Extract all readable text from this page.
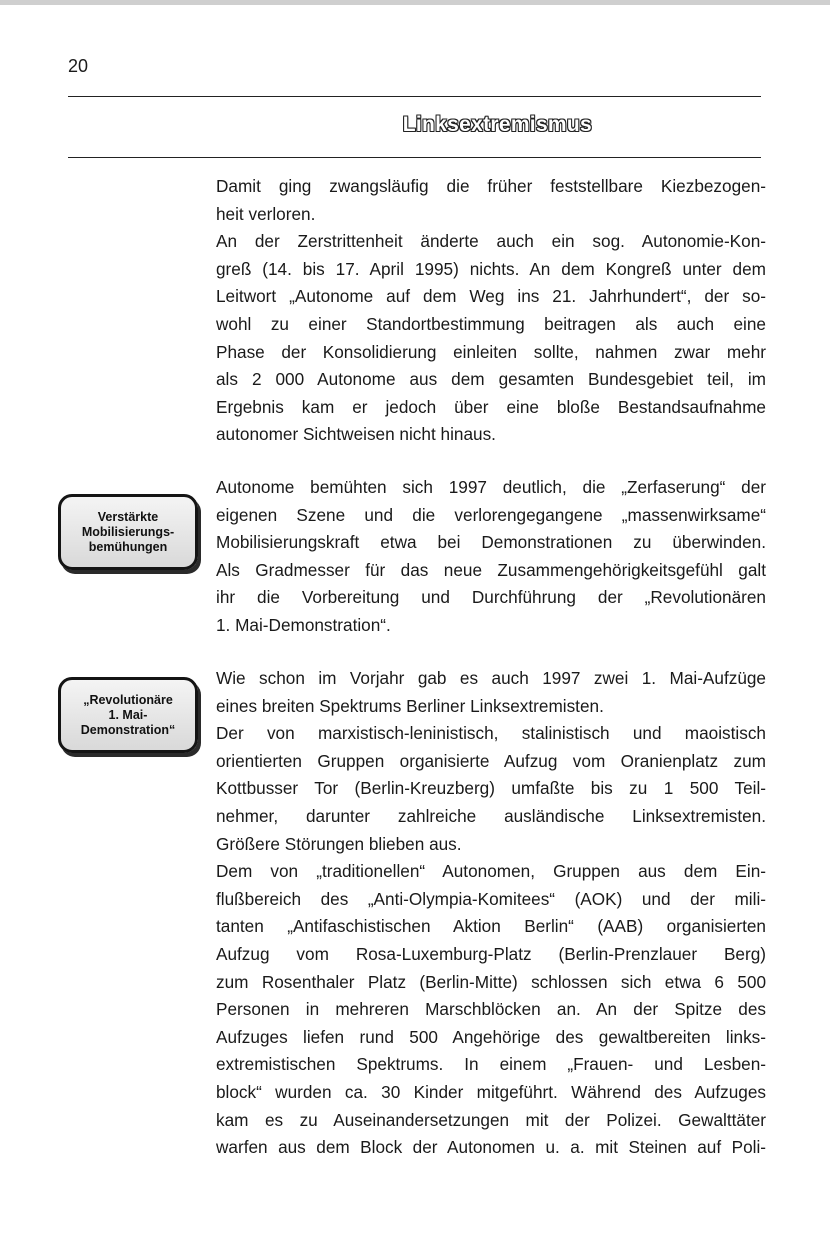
20
Linksextremismus

Damit ging zwangsläufig die früher feststellbare Kiezbezogen-
heit verloren.
An der Zerstrittenheit änderte auch ein sog. Autonomie-Kon-
greß (14. bis 17. April 1995) nichts. An dem Kongreß unter dem
Leitwort „Autonome auf dem Weg ins 21. Jahrhundert“, der so-
wohl zu einer Standortbestimmung beitragen als auch eine
Phase der Konsolidierung einleiten sollte, nahmen zwar mehr
als 2 000 Autonome aus dem gesamten Bundesgebiet teil, im
Ergebnis kam er jedoch über eine bloße Bestandsaufnahme
autonomer Sichtweisen nicht hinaus.

Verstärkte
Mobilisierungs-
bemühungen

Autonome bemühten sich 1997 deutlich, die „Zerfaserung“ der
eigenen Szene und die verlorengegangene „massenwirksame“
Mobilisierungskraft etwa bei Demonstrationen zu überwinden.
Als Gradmesser für das neue Zusammengehörigkeitsgefühl galt
ihr die Vorbereitung und Durchführung der „Revolutionären
1. Mai-Demonstration“.

„Revolutionäre
1. Mai-
Demonstration“

Wie schon im Vorjahr gab es auch 1997 zwei 1. Mai-Aufzüge
eines breiten Spektrums Berliner Linksextremisten.
Der von marxistisch-leninistisch, stalinistisch und maoistisch
orientierten Gruppen organisierte Aufzug vom Oranienplatz zum
Kottbusser Tor (Berlin-Kreuzberg) umfaßte bis zu 1 500 Teil-
nehmer, darunter zahlreiche ausländische Linksextremisten.
Größere Störungen blieben aus.
Dem von „traditionellen“ Autonomen, Gruppen aus dem Ein-
flußbereich des „Anti-Olympia-Komitees“ (AOK) und der mili-
tanten „Antifaschistischen Aktion Berlin“ (AAB) organisierten
Aufzug vom Rosa-Luxemburg-Platz (Berlin-Prenzlauer Berg)
zum Rosenthaler Platz (Berlin-Mitte) schlossen sich etwa 6 500
Personen in mehreren Marschblöcken an. An der Spitze des
Aufzuges liefen rund 500 Angehörige des gewaltbereiten links-
extremistischen Spektrums. In einem „Frauen- und Lesben-
block“ wurden ca. 30 Kinder mitgeführt. Während des Aufzuges
kam es zu Auseinandersetzungen mit der Polizei. Gewalttäter
warfen aus dem Block der Autonomen u. a. mit Steinen auf Poli-
